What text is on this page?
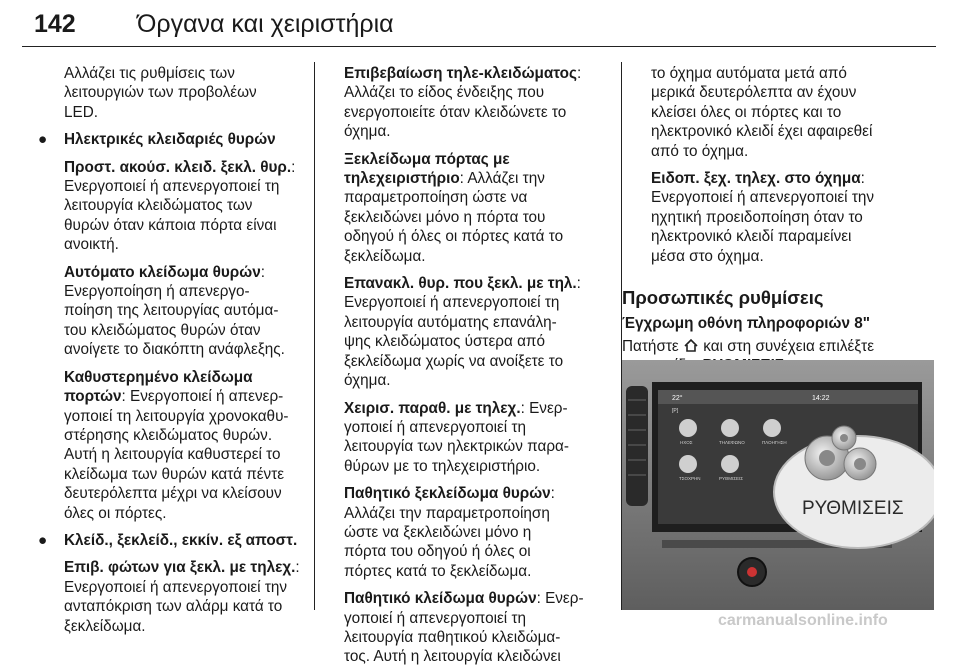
142 Όργανα και χειριστήρια

Αλλάζει τις ρυθμίσεις των
λειτουργιών των προβολέων
LED.

● Ηλεκτρικές κλειδαριές θυρών

Προστ. ακούσ. κλειδ. ξεκλ. θυρ.:
Ενεργοποιεί ή απενεργοποιεί τη
λειτουργία κλειδώματος των
θυρών όταν κάποια πόρτα είναι
ανοικτή.

Αυτόματο κλείδωμα θυρών:
Ενεργοποίηση ή απενεργο-
ποίηση της λειτουργίας αυτόμα-
του κλειδώματος θυρών όταν
ανοίγετε το διακόπτη ανάφλεξης.

Καθυστερημένο κλείδωμα
πορτών: Ενεργοποιεί ή απενερ-
γοποιεί τη λειτουργία χρονοκαθυ-
στέρησης κλειδώματος θυρών.
Αυτή η λειτουργία καθυστερεί το
κλείδωμα των θυρών κατά πέντε
δευτερόλεπτα μέχρι να κλείσουν
όλες οι πόρτες.

● Κλείδ., ξεκλείδ., εκκίν. εξ αποστ.

Επιβ. φώτων για ξεκλ. με τηλεχ.:
Ενεργοποιεί ή απενεργοποιεί την
ανταπόκριση των αλάρμ κατά το
ξεκλείδωμα.

Επιβεβαίωση τηλε-κλειδώματος:
Αλλάζει το είδος ένδειξης που
ενεργοποιείτε όταν κλειδώνετε το
όχημα.

Ξεκλείδωμα πόρτας με
τηλεχειριστήριο: Αλλάζει την
παραμετροποίηση ώστε να
ξεκλειδώνει μόνο η πόρτα του
οδηγού ή όλες οι πόρτες κατά το
ξεκλείδωμα.

Επανακλ. θυρ. που ξεκλ. με τηλ.:
Ενεργοποιεί ή απενεργοποιεί τη
λειτουργία αυτόματης επανάλη-
ψης κλειδώματος ύστερα από
ξεκλείδωμα χωρίς να ανοίξετε το
όχημα.

Χειρισ. παραθ. με τηλεχ.: Ενερ-
γοποιεί ή απενεργοποιεί τη
λειτουργία των ηλεκτρικών παρα-
θύρων με το τηλεχειριστήριο.

Παθητικό ξεκλείδωμα θυρών:
Αλλάζει την παραμετροποίηση
ώστε να ξεκλειδώνει μόνο η
πόρτα του οδηγού ή όλες οι
πόρτες κατά το ξεκλείδωμα.

Παθητικό κλείδωμα θυρών: Ενερ-
γοποιεί ή απενεργοποιεί τη
λειτουργία παθητικού κλειδώμα-
τος. Αυτή η λειτουργία κλειδώνει

το όχημα αυτόματα μετά από
μερικά δευτερόλεπτα αν έχουν
κλείσει όλες οι πόρτες και το
ηλεκτρονικό κλειδί έχει αφαιρεθεί
από το όχημα.

Ειδοπ. ξεχ. τηλεχ. στο όχημα:
Ενεργοποιεί ή απενεργοποιεί την
ηχητική προειδοποίηση όταν το
ηλεκτρονικό κλειδί παραμείνει
μέσα στο όχημα.

Προσωπικές ρυθμίσεις
Έγχρωμη οθόνη πληροφοριών 8"
Πατήστε και στη συνέχεια επιλέξτε

22°
[P]
14:22
ΗΧΟΣ	ΤΗΛΕΦΩΝΟ	ΠΛΟΗΓΗΣΗ
ΤΣΟΧΡΗΝ	ΡΥΘΜΙΣΕΙΣ
ΡΥΘΜΙΣΕΙΣ
carmanualsonline.info
